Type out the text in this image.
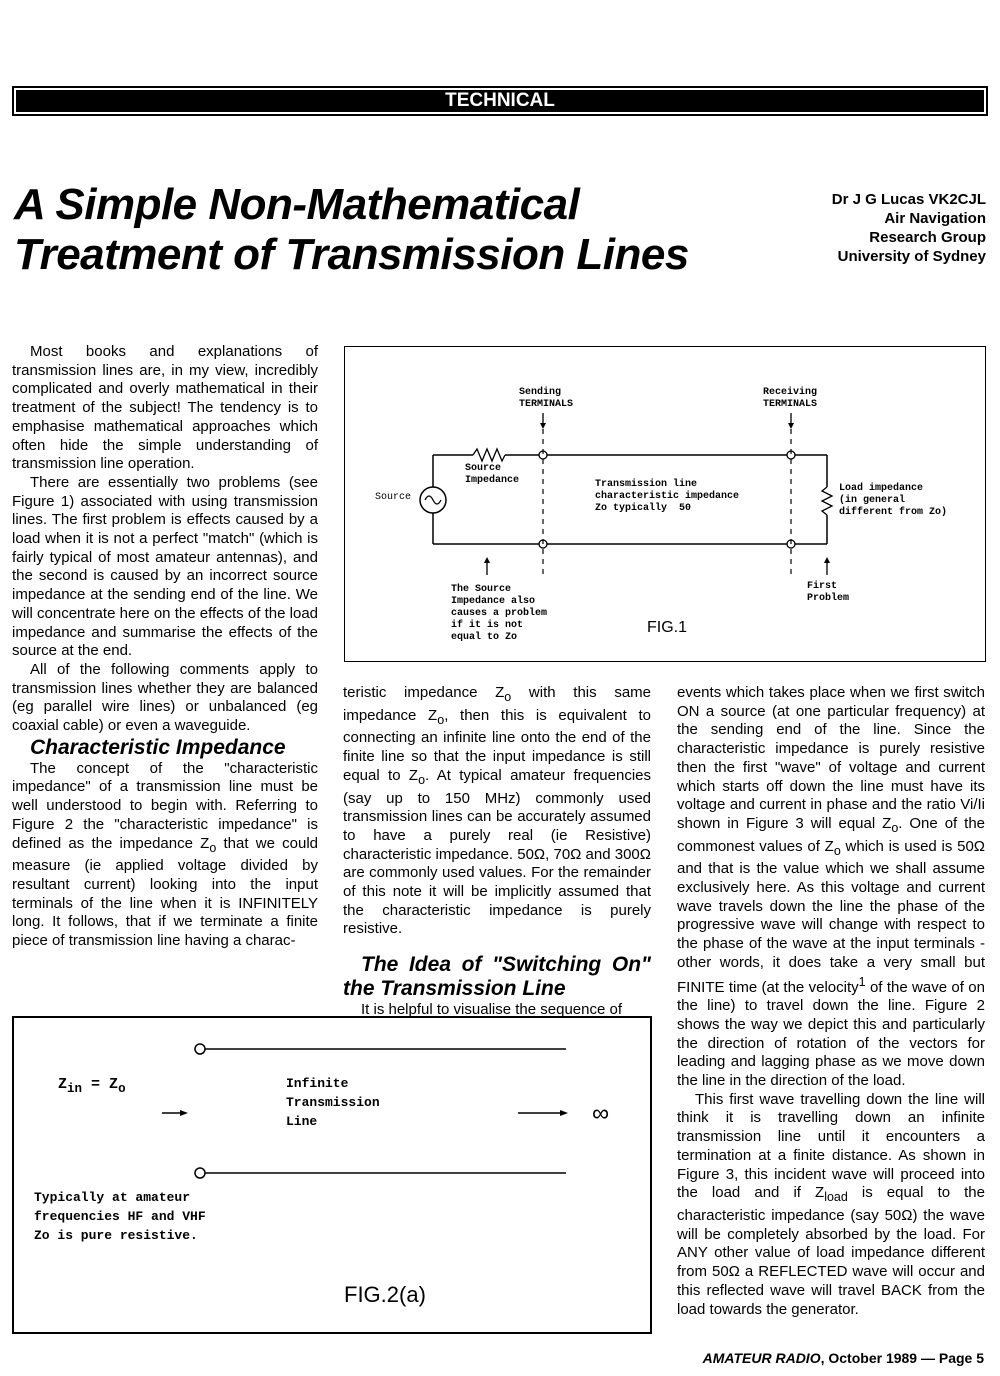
TECHNICAL
A Simple Non-Mathematical Treatment of Transmission Lines
Dr J G Lucas VK2CJL
Air Navigation
Research Group
University of Sydney

Most books and explanations of transmission lines are, in my view, incredibly complicated and overly mathematical in their treatment of the subject! The tendency is to emphasise mathematical approaches which often hide the simple understanding of transmission line operation.

There are essentially two problems (see Figure 1) associated with using transmission lines. The first problem is effects caused by a load when it is not a perfect "match" (which is fairly typical of most amateur antennas), and the second is caused by an incorrect source impedance at the sending end of the line. We will concentrate here on the effects of the load impedance and summarise the effects of the source at the end.

All of the following comments apply to transmission lines whether they are balanced (eg parallel wire lines) or unbalanced (eg coaxial cable) or even a waveguide.

Characteristic Impedance

The concept of the "characteristic impedance" of a transmission line must be well understood to begin with. Referring to Figure 2 the "characteristic impedance" is defined as the impedance $Z_o$ that we could measure (ie applied voltage divided by resultant current) looking into the input terminals of the line when it is INFINITELY long. It follows, that if we terminate a finite piece of transmission line having a charac-

teristic impedance $Z_o$ with this same impedance $Z_o$, then this is equivalent to connecting an infinite line onto the end of the finite line so that the input impedance is still equal to $Z_o$. At typical amateur frequencies (say up to 150 MHz) commonly used transmission lines can be accurately assumed to have a purely real (ie Resistive) characteristic impedance. 50Ω, 70Ω and 300Ω are commonly used values. For the remainder of this note it will be implicitly assumed that the characteristic impedance is purely resistive.

The Idea of "Switching On" the Transmission Line

It is helpful to visualise the sequence of

events which takes place when we first switch ON a source (at one particular frequency) at the sending end of the line. Since the characteristic impedance is purely resistive then the first "wave" of voltage and current which starts off down the line must have its voltage and current in phase and the ratio Vi/Ii shown in Figure 3 will equal $Z_o$. One of the commonest values of $Z_o$ which is used is 50Ω and that is the value which we shall assume exclusively here. As this voltage and current wave travels down the line the phase of the progressive wave will change with respect to the phase of the wave at the input terminals - other words, it does take a very small but FINITE time (at the velocity$^1$ of the wave of on the line) to travel down the line. Figure 2 shows the way we depict this and particularly the direction of rotation of the vectors for leading and lagging phase as we move down the line in the direction of the load.

This first wave travelling down the line will think it is travelling down an infinite transmission line until it encounters a termination at a finite distance. As shown in Figure 3, this incident wave will proceed into the load and if $Z_{load}$ is equal to the characteristic impedance (say 50Ω) the wave will be completely absorbed by the load. For ANY other value of load impedance different from 50Ω a REFLECTED wave will occur and this reflected wave will travel BACK from the load towards the generator.

Sending
TERMINALS
Receiving
TERMINALS
Source
Impedance
Source
Transmission line
characteristic impedance
Zo typically  50
Load impedance
(in general
different from Zo)
The Source
Impedance also
causes a problem
if it is not
equal to Zo
First
Problem
FIG.1
$Z_{in} = Z_o$	Infinite
Transmission
Line	∞
Typically at amateur
frequencies HF and VHF
Zo is pure resistive.
FIG.2(a)
AMATEUR RADIO, October 1989 — Page 5
